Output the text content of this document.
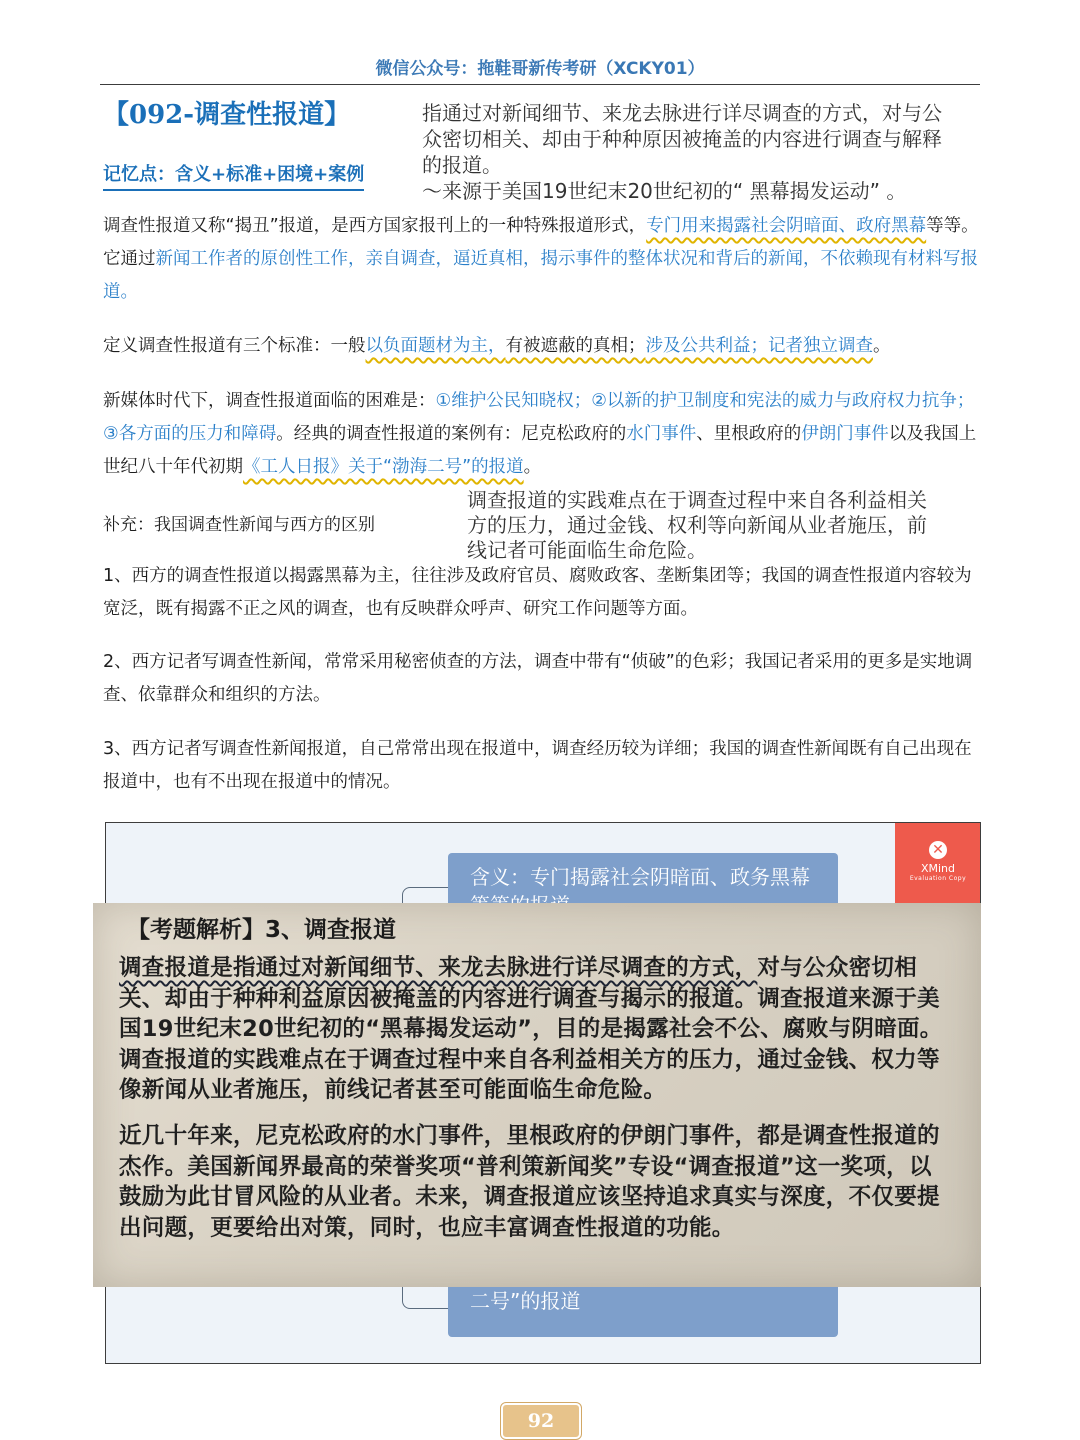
微信公众号：拖鞋哥新传考研（XCKY01）
【092-调查性报道】
记忆点：含义+标准+困境+案例
指通过对新闻细节、来龙去脉进行详尽调查的方式，对与公
众密切相关、却由于种种原因被掩盖的内容进行调查与解释
的报道。
～来源于美国19世纪末20世纪初的“ 黑幕揭发运动” 。
调查性报道又称“揭丑”报道，是西方国家报刊上的一种特殊报道形式，专门用来揭露社会阴暗面、政府黑幕等等。它通过新闻工作者的原创性工作，亲自调查，逼近真相，揭示事件的整体状况和背后的新闻，不依赖现有材料写报道。
定义调查性报道有三个标准：一般以负面题材为主，有被遮蔽的真相；涉及公共利益；记者独立调查。
新媒体时代下，调查性报道面临的困难是：①维护公民知晓权；②以新的护卫制度和宪法的威力与政府权力抗争；③各方面的压力和障碍。经典的调查性报道的案例有：尼克松政府的水门事件、里根政府的伊朗门事件以及我国上世纪八十年代初期《工人日报》关于“渤海二号”的报道。
调查报道的实践难点在于调查过程中来自各利益相关
方的压力，通过金钱、权利等向新闻从业者施压，前
线记者可能面临生命危险。
补充：我国调查性新闻与西方的区别
1、西方的调查性报道以揭露黑幕为主，往往涉及政府官员、腐败政客、垄断集团等；我国的调查性报道内容较为宽泛，既有揭露不正之风的调查，也有反映群众呼声、研究工作问题等方面。
2、西方记者写调查性新闻，常常采用秘密侦查的方法，调查中带有“侦破”的色彩；我国记者采用的更多是实地调查、依靠群众和组织的方法。
3、西方记者写调查性新闻报道，自己常常出现在报道中，调查经历较为详细；我国的调查性新闻既有自己出现在报道中，也有不出现在报道中的情况。
含义：专门揭露社会阴暗面、政务黑幕
二号”的报道
✕
XMind
Evaluation Copy
【考题解析】3、调查报道
调查报道是指通过对新闻细节、来龙去脉进行详尽调查的方式，对与公众密切相关、却由于种种利益原因被掩盖的内容进行调查与揭示的报道。调查报道来源于美国19世纪末20世纪初的“黑幕揭发运动”，目的是揭露社会不公、腐败与阴暗面。调查报道的实践难点在于调查过程中来自各利益相关方的压力，通过金钱、权力等像新闻从业者施压，前线记者甚至可能面临生命危险。
近几十年来，尼克松政府的水门事件，里根政府的伊朗门事件，都是调查性报道的杰作。美国新闻界最高的荣誉奖项“普利策新闻奖”专设“调查报道”这一奖项，以鼓励为此甘冒风险的从业者。未来，调查报道应该坚持追求真实与深度，不仅要提出问题，更要给出对策，同时，也应丰富调查性报道的功能。
92
